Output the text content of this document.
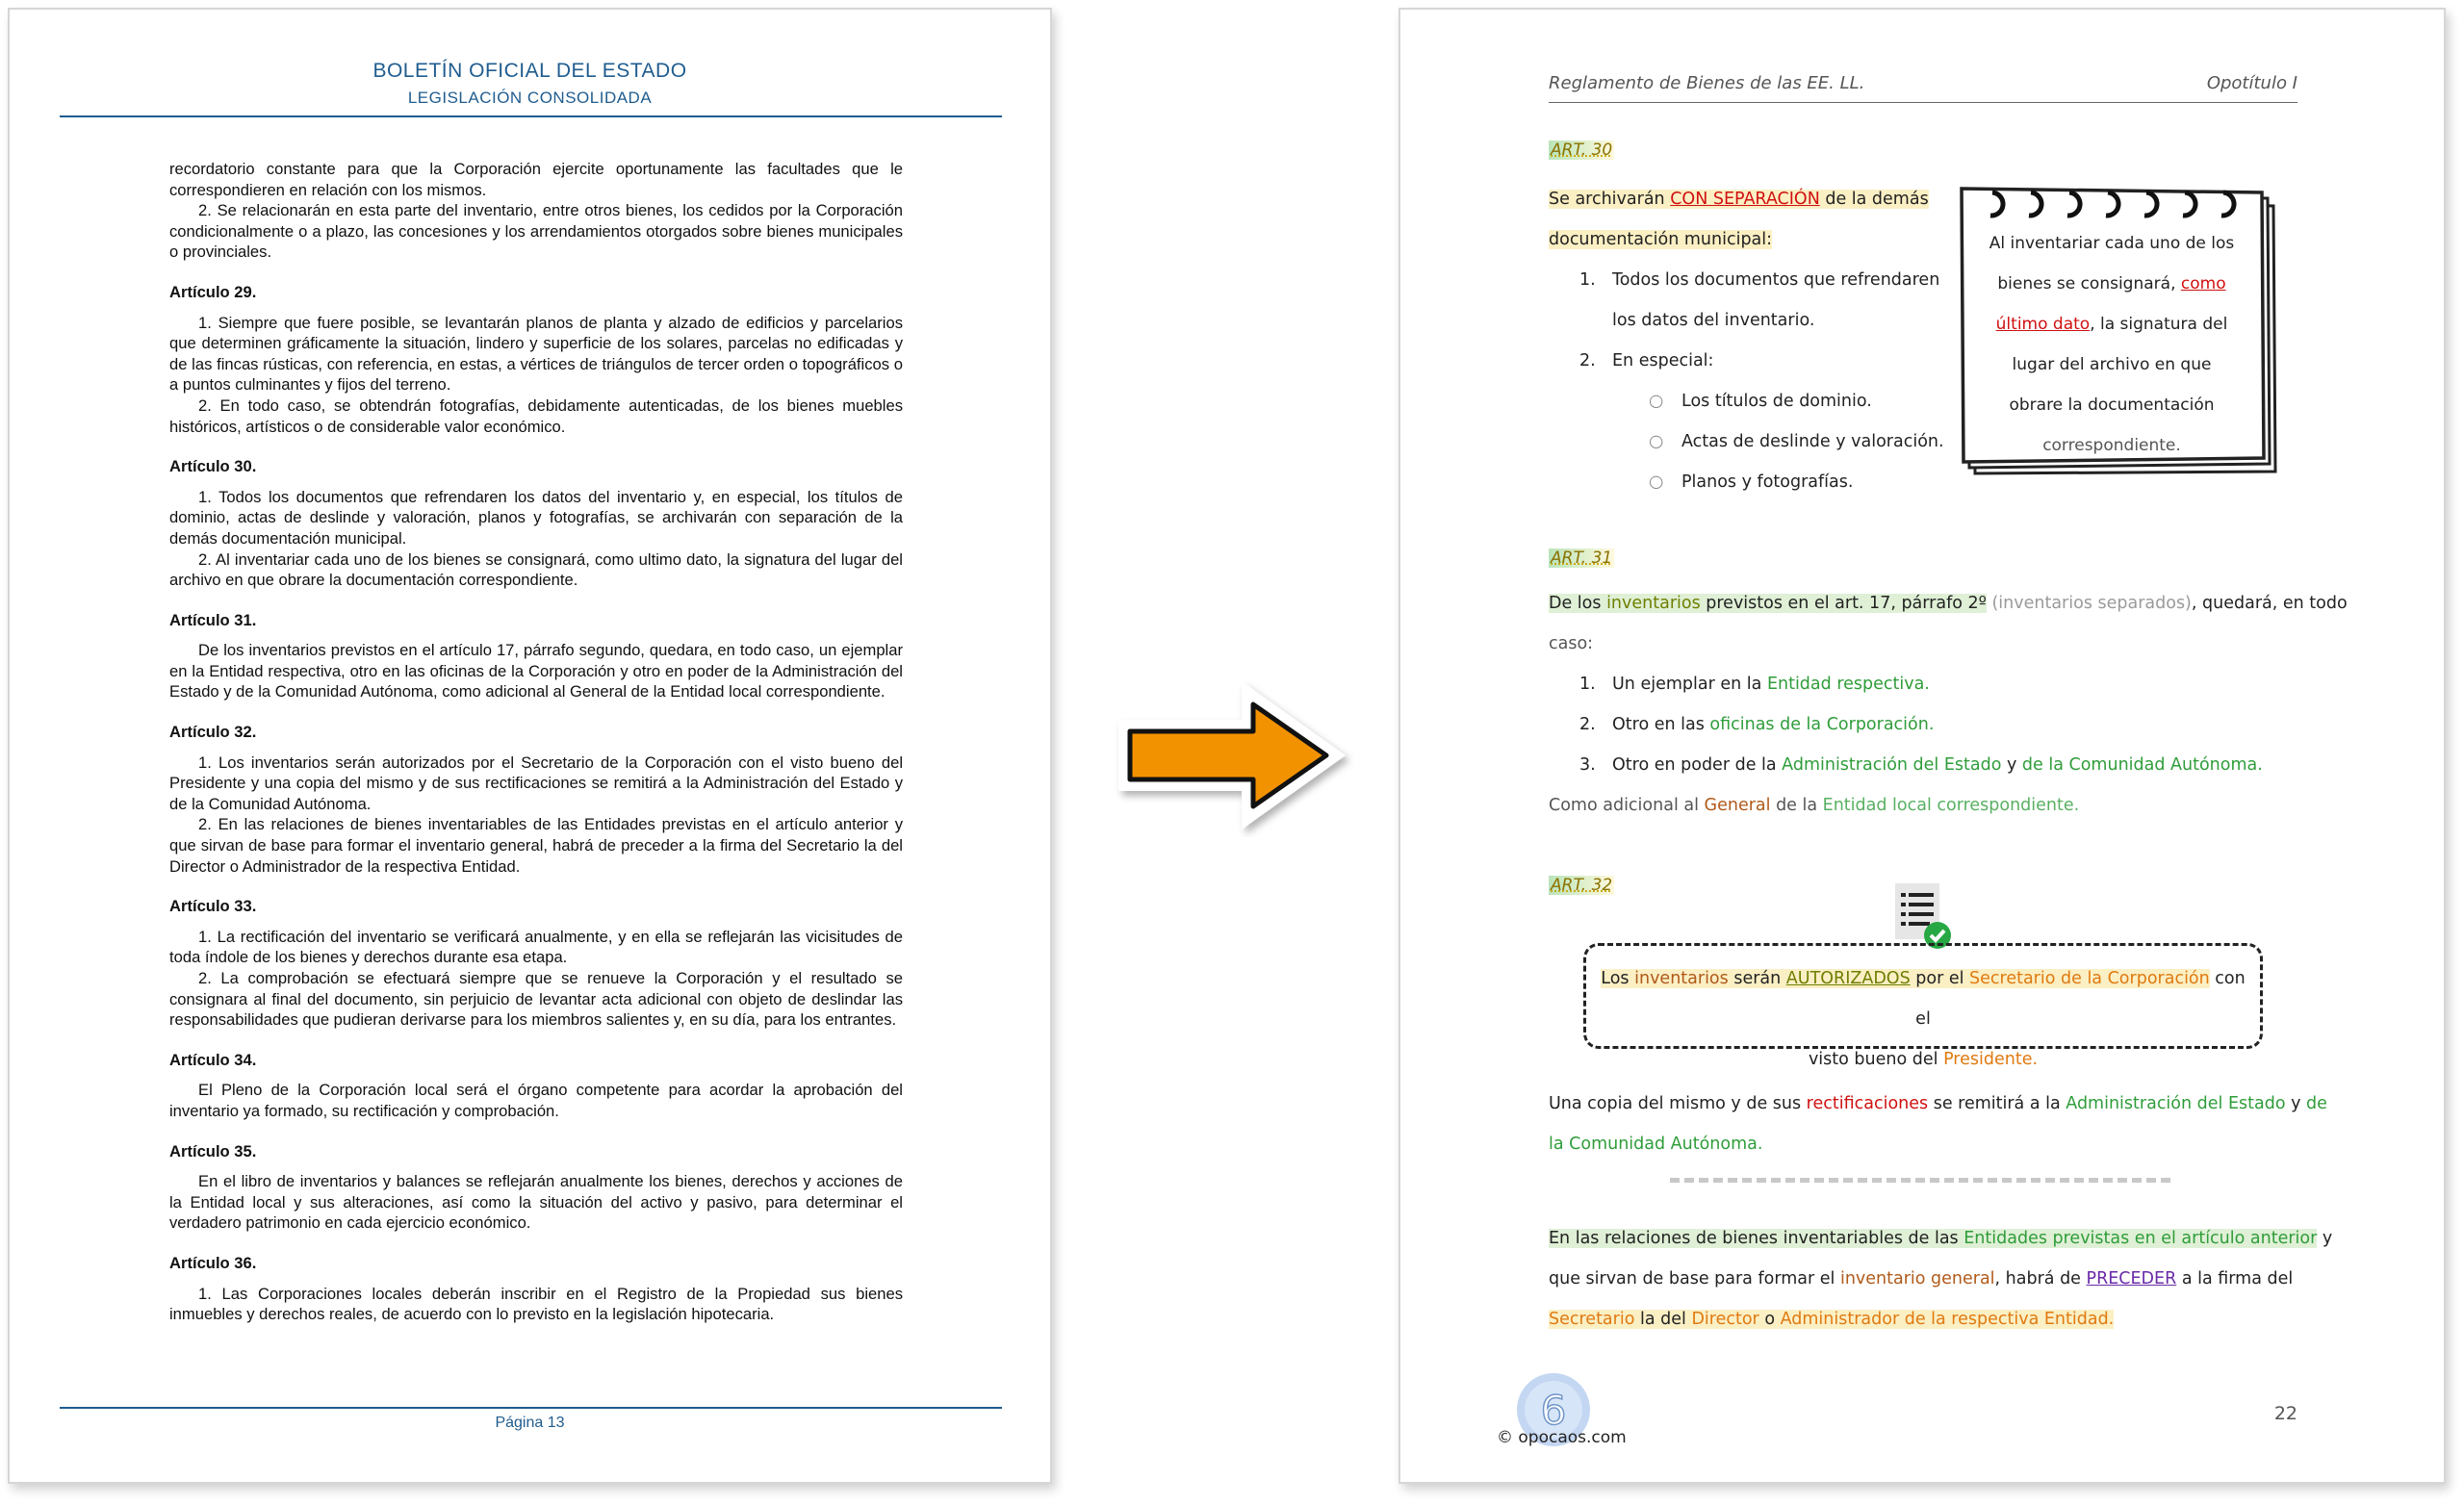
BOLETÍN OFICIAL DEL ESTADO
LEGISLACIÓN CONSOLIDADA

recordatorio constante para que la Corporación ejercite oportunamente las facultades que le correspondieren en relación con los mismos.

2. Se relacionarán en esta parte del inventario, entre otros bienes, los cedidos por la Corporación condicionalmente o a plazo, las concesiones y los arrendamientos otorgados sobre bienes municipales o provinciales.

Artículo 29.

1. Siempre que fuere posible, se levantarán planos de planta y alzado de edificios y parcelarios que determinen gráficamente la situación, lindero y superficie de los solares, parcelas no edificadas y de las fincas rústicas, con referencia, en estas, a vértices de triángulos de tercer orden o topográficos o a puntos culminantes y fijos del terreno.

2. En todo caso, se obtendrán fotografías, debidamente autenticadas, de los bienes muebles históricos, artísticos o de considerable valor económico.

Artículo 30.

1. Todos los documentos que refrendaren los datos del inventario y, en especial, los títulos de dominio, actas de deslinde y valoración, planos y fotografías, se archivarán con separación de la demás documentación municipal.

2. Al inventariar cada uno de los bienes se consignará, como ultimo dato, la signatura del lugar del archivo en que obrare la documentación correspondiente.

Artículo 31.

De los inventarios previstos en el artículo 17, párrafo segundo, quedara, en todo caso, un ejemplar en la Entidad respectiva, otro en las oficinas de la Corporación y otro en poder de la Administración del Estado y de la Comunidad Autónoma, como adicional al General de la Entidad local correspondiente.

Artículo 32.

1. Los inventarios serán autorizados por el Secretario de la Corporación con el visto bueno del Presidente y una copia del mismo y de sus rectificaciones se remitirá a la Administración del Estado y de la Comunidad Autónoma.

2. En las relaciones de bienes inventariables de las Entidades previstas en el artículo anterior y que sirvan de base para formar el inventario general, habrá de preceder a la firma del Secretario la del Director o Administrador de la respectiva Entidad.

Artículo 33.

1. La rectificación del inventario se verificará anualmente, y en ella se reflejarán las vicisitudes de toda índole de los bienes y derechos durante esa etapa.

2. La comprobación se efectuará siempre que se renueve la Corporación y el resultado se consignara al final del documento, sin perjuicio de levantar acta adicional con objeto de deslindar las responsabilidades que pudieran derivarse para los miembros salientes y, en su día, para los entrantes.

Artículo 34.

El Pleno de la Corporación local será el órgano competente para acordar la aprobación del inventario ya formado, su rectificación y comprobación.

Artículo 35.

En el libro de inventarios y balances se reflejarán anualmente los bienes, derechos y acciones de la Entidad local y sus alteraciones, así como la situación del activo y pasivo, para determinar el verdadero patrimonio en cada ejercicio económico.

Artículo 36.

1. Las Corporaciones locales deberán inscribir en el Registro de la Propiedad sus bienes inmuebles y derechos reales, de acuerdo con lo previsto en la legislación hipotecaria.

Página 13
Reglamento de Bienes de las EE. LL.	Opotítulo I
ART. 30
Se archivarán CON SEPARACIÓN de la demás
documentación municipal:
1. Todos los documentos que refrendaren
los datos del inventario.
2. En especial:
○ Los títulos de dominio.
○ Actas de deslinde y valoración.
○ Planos y fotografías.
Al inventariar cada uno de los
bienes se consignará, como
último dato, la signatura del
lugar del archivo en que
obrare la documentación
correspondiente.
ART. 31
De los inventarios previstos en el art. 17, párrafo 2º (inventarios separados), quedará, en todo
caso:
1. Un ejemplar en la Entidad respectiva.
2. Otro en las oficinas de la Corporación.
3. Otro en poder de la Administración del Estado y de la Comunidad Autónoma.
Como adicional al General de la Entidad local correspondiente.
ART. 32
Los inventarios serán AUTORIZADOS por el Secretario de la Corporación con el
visto bueno del Presidente.
Una copia del mismo y de sus rectificaciones se remitirá a la Administración del Estado y de
la Comunidad Autónoma.
En las relaciones de bienes inventariables de las Entidades previstas en el artículo anterior y
que sirvan de base para formar el inventario general, habrá de PRECEDER a la firma del
Secretario la del Director o Administrador de la respectiva Entidad.
6
© opocaos.com
22
